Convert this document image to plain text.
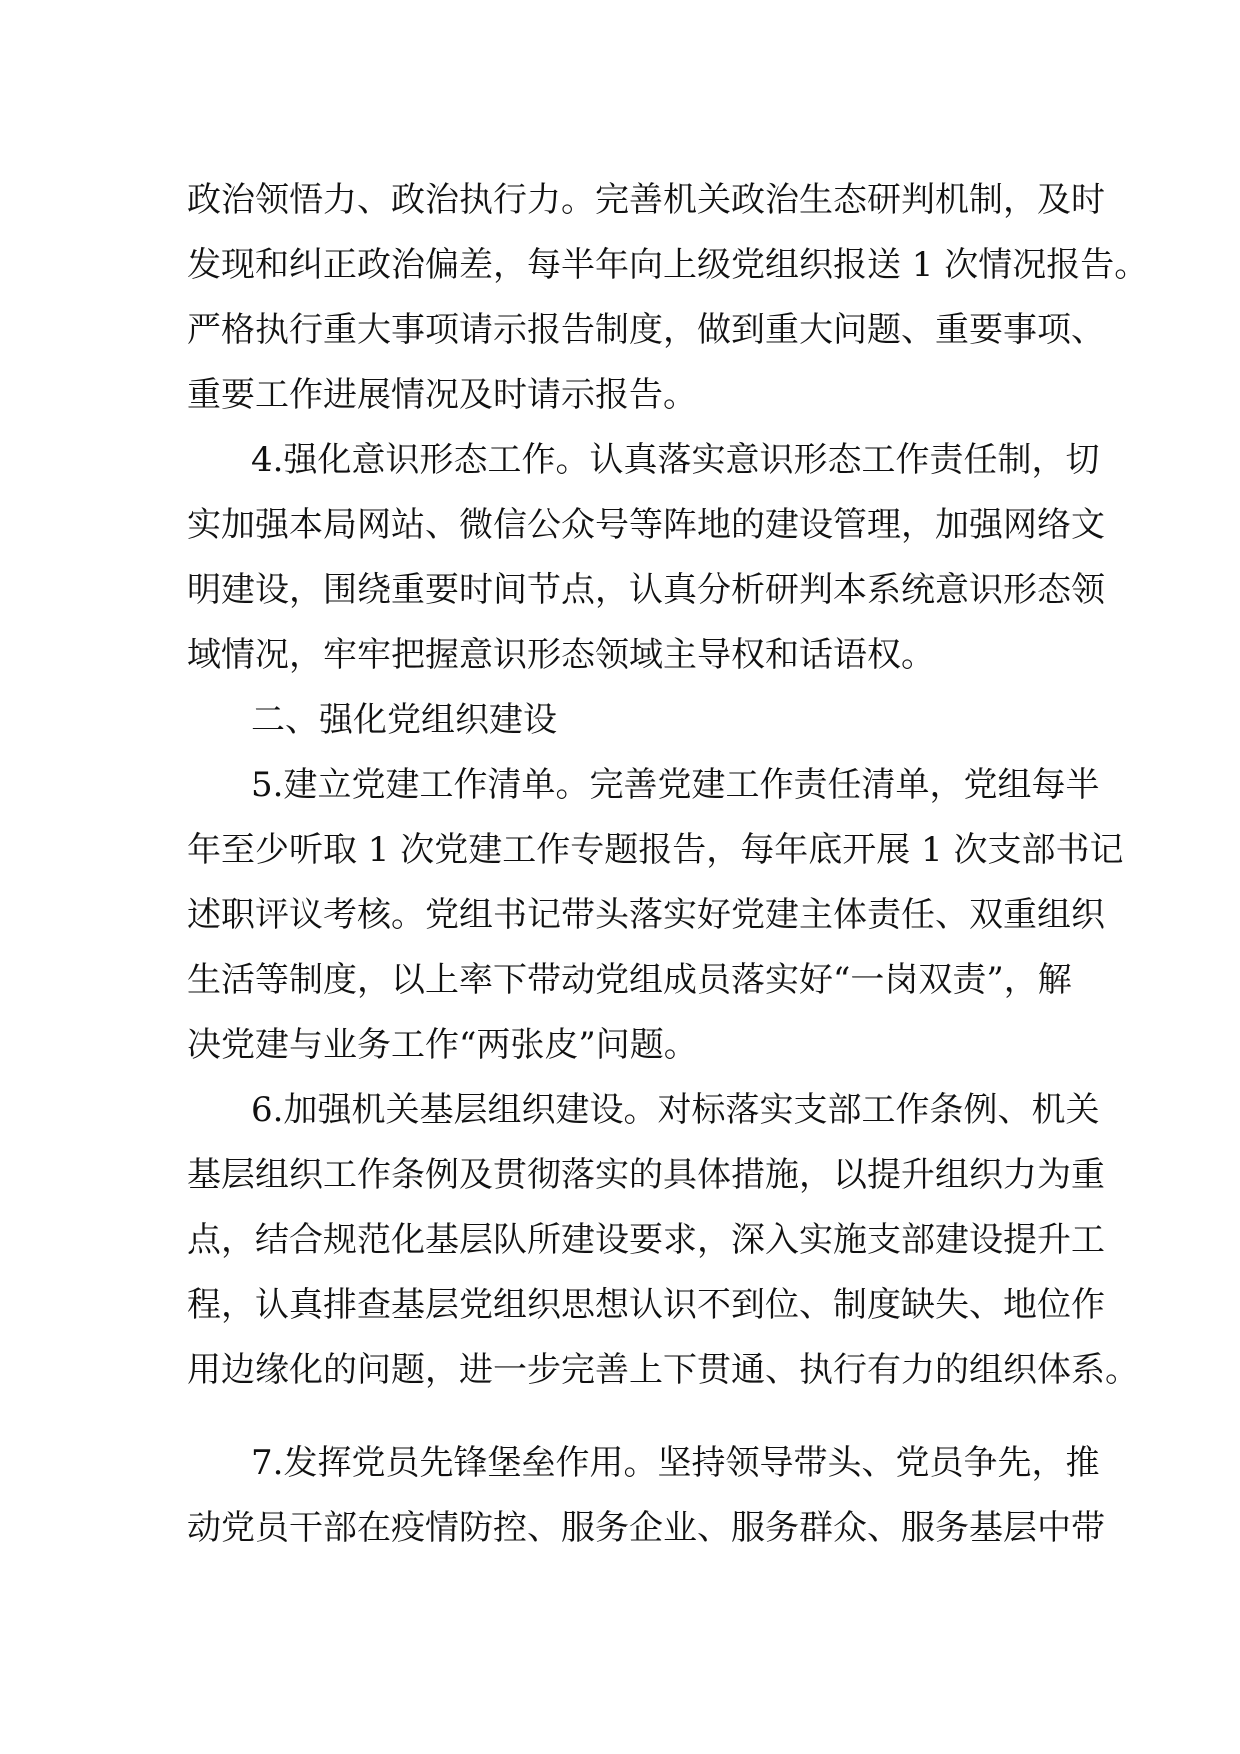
政治领悟力、政治执行力。完善机关政治生态研判机制，及时
发现和纠正政治偏差，每半年向上级党组织报送 1 次情况报告。
严格执行重大事项请示报告制度，做到重大问题、重要事项、
重要工作进展情况及时请示报告。
4.强化意识形态工作。认真落实意识形态工作责任制，切
实加强本局网站、微信公众号等阵地的建设管理，加强网络文
明建设，围绕重要时间节点，认真分析研判本系统意识形态领
域情况，牢牢把握意识形态领域主导权和话语权。
二、强化党组织建设
5.建立党建工作清单。完善党建工作责任清单，党组每半
年至少听取 1 次党建工作专题报告，每年底开展 1 次支部书记
述职评议考核。党组书记带头落实好党建主体责任、双重组织
生活等制度，以上率下带动党组成员落实好“一岗双责”，解
决党建与业务工作“两张皮”问题。
6.加强机关基层组织建设。对标落实支部工作条例、机关
基层组织工作条例及贯彻落实的具体措施，以提升组织力为重
点，结合规范化基层队所建设要求，深入实施支部建设提升工
程，认真排查基层党组织思想认识不到位、制度缺失、地位作
用边缘化的问题，进一步完善上下贯通、执行有力的组织体系。
7.发挥党员先锋堡垒作用。坚持领导带头、党员争先，推
动党员干部在疫情防控、服务企业、服务群众、服务基层中带
